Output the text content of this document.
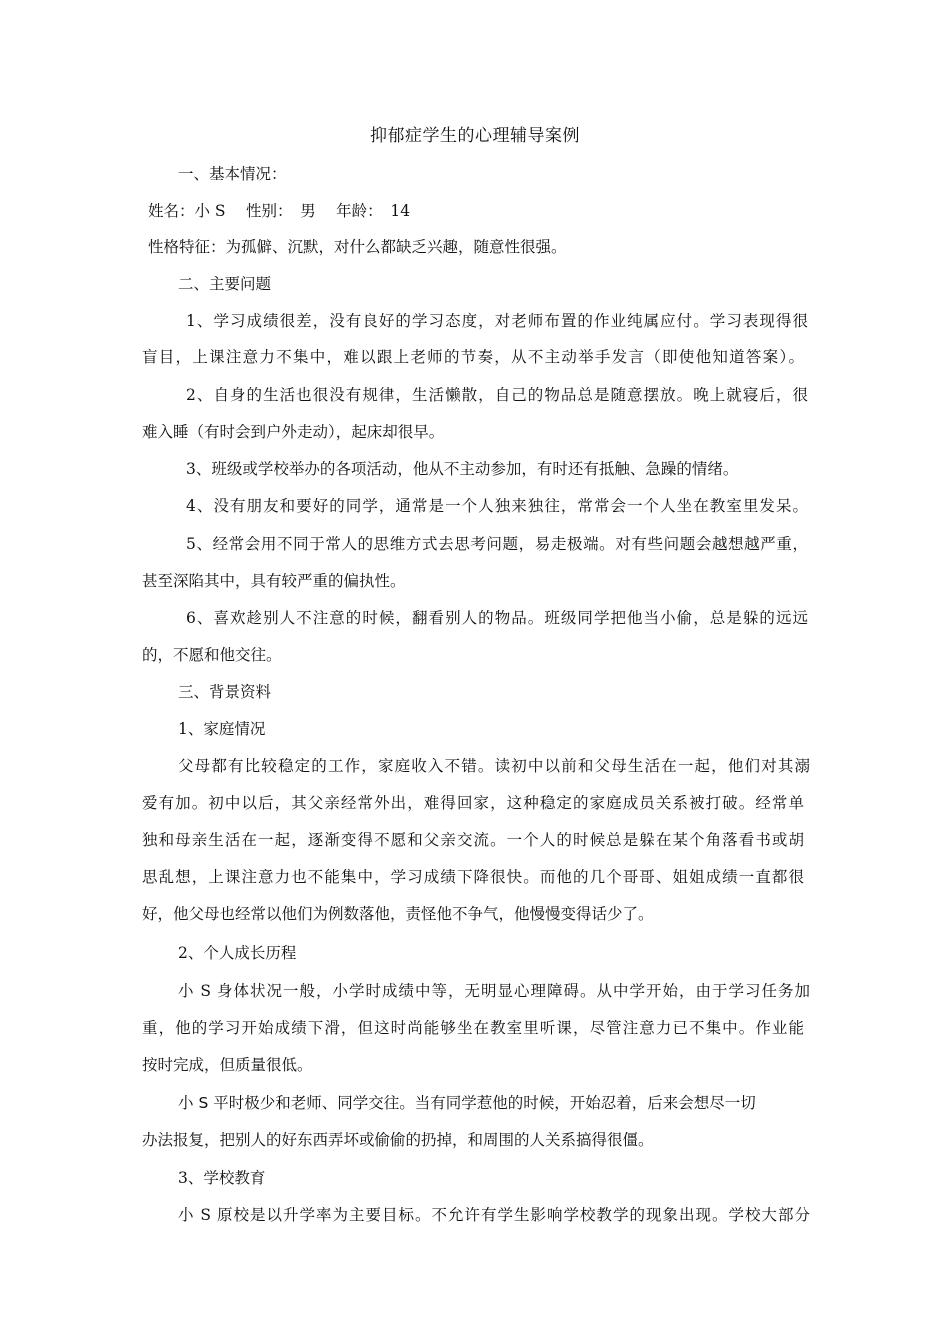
抑郁症学生的心理辅导案例
一、基本情况：
姓名：小 S　 性别：　男　 年龄：　14
性格特征：为孤僻、沉默，对什么都缺乏兴趣，随意性很强。
二、主要问题
1、学习成绩很差，没有良好的学习态度，对老师布置的作业纯属应付。学习表现得很
盲目，上课注意力不集中，难以跟上老师的节奏，从不主动举手发言（即使他知道答案）。
2、自身的生活也很没有规律，生活懒散，自己的物品总是随意摆放。晚上就寝后，很
难入睡（有时会到户外走动），起床却很早。
3、班级或学校举办的各项活动，他从不主动参加，有时还有抵触、急躁的情绪。
4、没有朋友和要好的同学，通常是一个人独来独往，常常会一个人坐在教室里发呆。
5、经常会用不同于常人的思维方式去思考问题，易走极端。对有些问题会越想越严重，
甚至深陷其中，具有较严重的偏执性。
6、喜欢趁别人不注意的时候，翻看别人的物品。班级同学把他当小偷，总是躲的远远
的，不愿和他交往。
三、背景资料
1、家庭情况
父母都有比较稳定的工作，家庭收入不错。读初中以前和父母生活在一起，他们对其溺
爱有加。初中以后，其父亲经常外出，难得回家，这种稳定的家庭成员关系被打破。经常单
独和母亲生活在一起，逐渐变得不愿和父亲交流。一个人的时候总是躲在某个角落看书或胡
思乱想，上课注意力也不能集中，学习成绩下降很快。而他的几个哥哥、姐姐成绩一直都很
好，他父母也经常以他们为例数落他，责怪他不争气，他慢慢变得话少了。
2、个人成长历程
小 S 身体状况一般，小学时成绩中等，无明显心理障碍。从中学开始，由于学习任务加
重，他的学习开始成绩下滑，但这时尚能够坐在教室里听课，尽管注意力已不集中。作业能
按时完成，但质量很低。
小 S 平时极少和老师、同学交往。当有同学惹他的时候，开始忍着，后来会想尽一切
办法报复，把别人的好东西弄坏或偷偷的扔掉，和周围的人关系搞得很僵。
3、学校教育
小 S 原校是以升学率为主要目标。不允许有学生影响学校教学的现象出现。学校大部分
